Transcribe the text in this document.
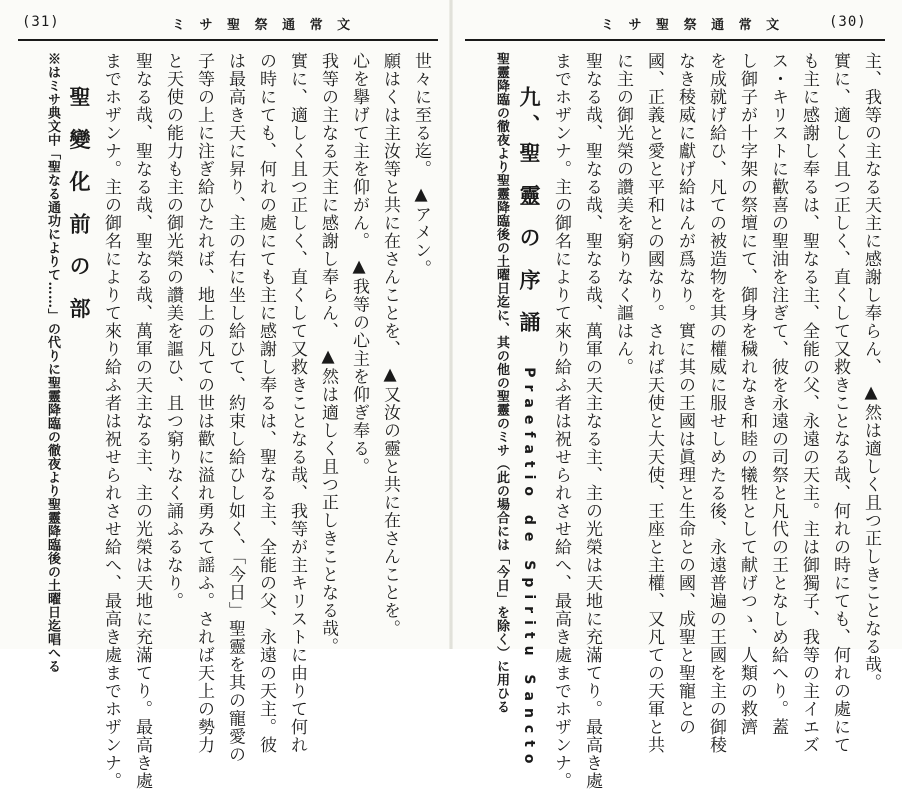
(31)	ミ サ 聖 祭 通 常 文
世々に至る迄。 ▲アメン。
願はくは主汝等と共に在さんことを、 ▲又汝の靈と共に在さんことを。
心を擧げて主を仰がん。 ▲我等の心主を仰ぎ奉る。
我等の主なる天主に感謝し奉らん、 ▲然は適しく且つ正しきことなる哉。
實に、適しく且つ正しく、直くして又救きことなる哉、我等が主キリストに由りて何れ
の時にても、何れの處にても主に感謝し奉るは、聖なる主、全能の父、永遠の天主。彼
は最高き天に昇り、主の右に坐し給ひて、約束し給ひし如く、「今日」聖靈を其の寵愛の
子等の上に注ぎ給ひたれば、地上の凡ての世は歡に溢れ勇みて謡ふ。されば天上の勢力
と天使の能力も主の御光榮の讚美を謳ひ、且つ窮りなく誦ふるなり。
聖なる哉、聖なる哉、聖なる哉、萬軍の天主なる主、主の光榮は天地に充滿てり。最高き處
までホザンナ。主の御名によりて來り給ふ者は祝せられさせ給へ、最高き處までホザンナ。
聖 變 化 前 の 部
※はミサ典文中「聖なる通功によりて……」の代りに聖靈降臨の徹夜より聖靈降臨後の土曜日迄唱へる
ミ サ 聖 祭 通 常 文	(30)
主、我等の主なる天主に感謝し奉らん、 ▲然は適しく且つ正しきことなる哉。
實に、適しく且つ正しく、直くして又救きことなる哉、何れの時にても、何れの處にて
も主に感謝し奉るは、聖なる主、全能の父、永遠の天主。主は御獨子、我等の主イエズ
ス・キリストに歡喜の聖油を注ぎて、彼を永遠の司祭と凡代の王となしめ給へり。蓋
し御子が十字架の祭壇にて、御身を穢れなき和睦の犧牲として献げつゝ、人類の救濟
を成就げ給ひ、凡ての被造物を其の權威に服せしめたる後、永遠普遍の王國を主の御稜
なき稜威に獻げ給はんが爲なり。實に其の王國は眞理と生命との國、成聖と聖寵との
國、正義と愛と平和との國なり。されば天使と大天使、王座と主權、又凡ての天軍と共
に主の御光榮の讚美を窮りなく謳はん。
聖なる哉、聖なる哉、聖なる哉、萬軍の天主なる主、主の光榮は天地に充滿てり。最高き處
までホザンナ。主の御名によりて來り給ふ者は祝せられさせ給へ、最高き處までホザンナ。
九、聖 靈 の 序 誦　Praefatio de Spiritu Sancto
聖靈降臨の徹夜より聖靈降臨後の土曜日迄に、其の他の聖靈のミサ（此の場合には「今日」を除く）に用ひる
